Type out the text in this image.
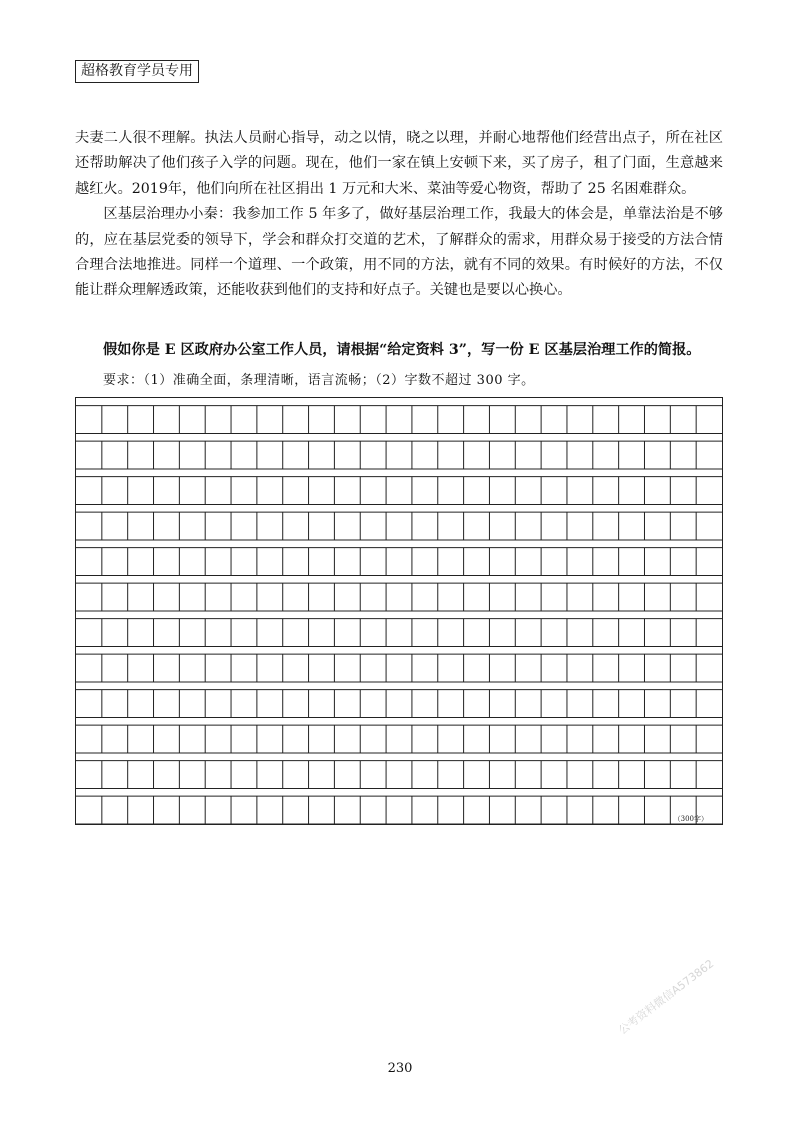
超格教育学员专用

夫妻二人很不理解。执法人员耐心指导，动之以情，晓之以理，并耐心地帮他们经营出点子，所在社区还帮助解决了他们孩子入学的问题。现在，他们一家在镇上安顿下来，买了房子，租了门面，生意越来越红火。2019年，他们向所在社区捐出 1 万元和大米、菜油等爱心物资，帮助了 25 名困难群众。

区基层治理办小秦：我参加工作 5 年多了，做好基层治理工作，我最大的体会是，单靠法治是不够的，应在基层党委的领导下，学会和群众打交道的艺术，了解群众的需求，用群众易于接受的方法合情合理合法地推进。同样一个道理、一个政策，用不同的方法，就有不同的效果。有时候好的方法，不仅能让群众理解透政策，还能收获到他们的支持和好点子。关键也是要以心换心。

假如你是 E 区政府办公室工作人员，请根据“给定资料 3”，写一份 E 区基层治理工作的简报。
要求：（1）准确全面，条理清晰，语言流畅；（2）字数不超过 300 字。
（300字）
230
公考资料微信A573862
